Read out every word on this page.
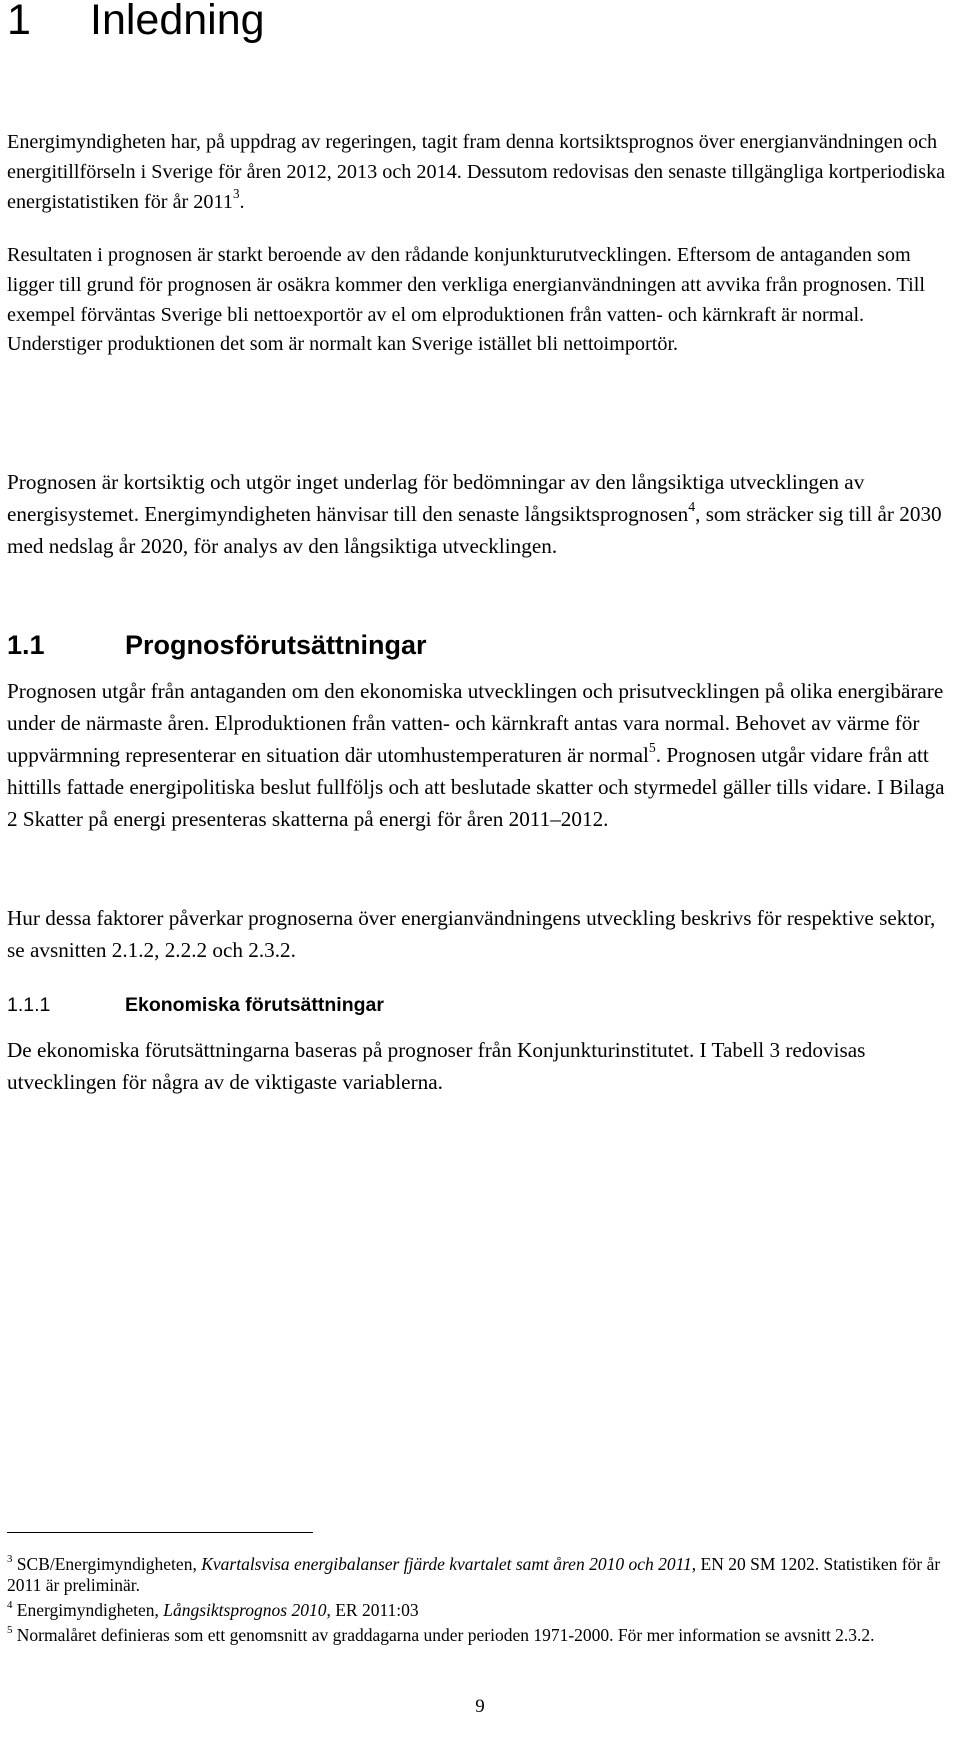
1 Inledning

Energimyndigheten har, på uppdrag av regeringen, tagit fram denna kortsiktsprognos över energianvändningen och energitillförseln i Sverige för åren 2012, 2013 och 2014. Dessutom redovisas den senaste tillgängliga kortperiodiska energistatistiken för år 2011$^3$.

Resultaten i prognosen är starkt beroende av den rådande konjunkturutvecklingen. Eftersom de antaganden som ligger till grund för prognosen är osäkra kommer den verkliga energianvändningen att avvika från prognosen. Till exempel förväntas Sverige bli nettoexportör av el om elproduktionen från vatten- och kärnkraft är normal. Understiger produktionen det som är normalt kan Sverige istället bli nettoimportör.

Prognosen är kortsiktig och utgör inget underlag för bedömningar av den långsiktiga utvecklingen av energisystemet. Energimyndigheten hänvisar till den senaste långsiktsprognosen$^4$, som sträcker sig till år 2030 med nedslag år 2020, för analys av den långsiktiga utvecklingen.

1.1	Prognosförutsättningar

Prognosen utgår från antaganden om den ekonomiska utvecklingen och prisutvecklingen på olika energibärare under de närmaste åren. Elproduktionen från vatten- och kärnkraft antas vara normal. Behovet av värme för uppvärmning representerar en situation där utomhustemperaturen är normal$^5$. Prognosen utgår vidare från att hittills fattade energipolitiska beslut fullföljs och att beslutade skatter och styrmedel gäller tills vidare. I Bilaga 2 Skatter på energi presenteras skatterna på energi för åren 2011–2012.

Hur dessa faktorer påverkar prognoserna över energianvändningens utveckling beskrivs för respektive sektor, se avsnitten 2.1.2, 2.2.2 och 2.3.2.

1.1.1	Ekonomiska förutsättningar

De ekonomiska förutsättningarna baseras på prognoser från Konjunkturinstitutet. I Tabell 3 redovisas utvecklingen för några av de viktigaste variablerna.

$^3$ SCB/Energimyndigheten, Kvartalsvisa energibalanser fjärde kvartalet samt åren 2010 och 2011, EN 20 SM 1202. Statistiken för år 2011 är preliminär.
$^4$ Energimyndigheten, Långsiktsprognos 2010, ER 2011:03
$^5$ Normalåret definieras som ett genomsnitt av graddagarna under perioden 1971-2000. För mer information se avsnitt 2.3.2.
9
